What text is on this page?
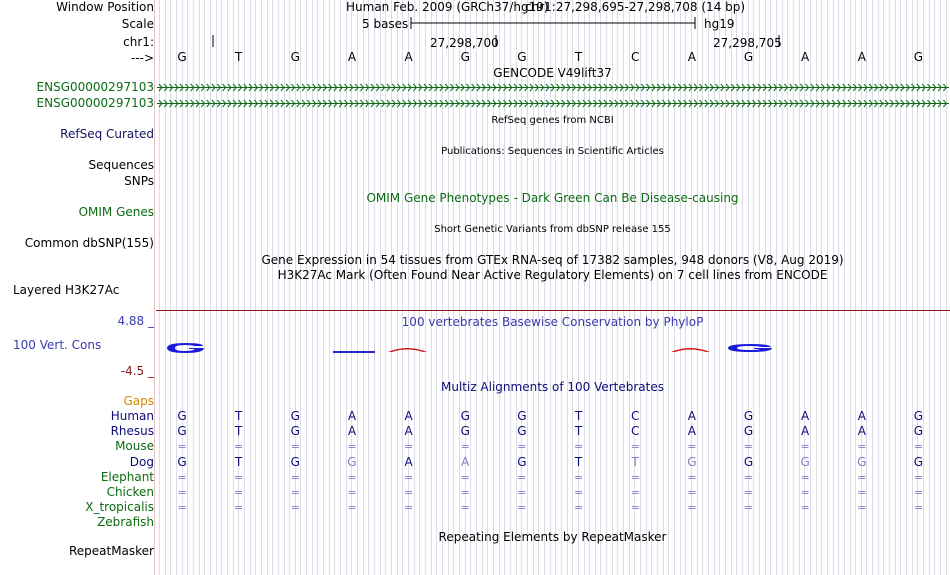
Window Position
Scale
chr1:
--->
Human Feb. 2009 (GRCh37/hg19)
chr1:27,298,695-27,298,708 (14 bp)
5 bases	hg19
27,298,700	27,298,705
G	T	G	A	A	G	G	T	C	A	G	A	A	G
GENCODE V49lift37
ENSG00000297103
ENSG00000297103
RefSeq genes from NCBI
RefSeq Curated
Publications: Sequences in Scientific Articles
Sequences
SNPs
OMIM Gene Phenotypes - Dark Green Can Be Disease-causing
OMIM Genes
Short Genetic Variants from dbSNP release 155
Common dbSNP(155)
Gene Expression in 54 tissues from GTEx RNA-seq of 17382 samples, 948 donors (V8, Aug 2019)
H3K27Ac Mark (Often Found Near Active Regulatory Elements) on 7 cell lines from ENCODE
Layered H3K27Ac
4.88 _	100 vertebrates Basewise Conservation by PhyloP
100 Vert. Cons
-4.5 _
Multiz Alignments of 100 Vertebrates
Gaps
Human	G	T	G	A	A	G	G	T	C	A	G	A	A	G
Rhesus	G	T	G	A	A	G	G	T	C	A	G	A	A	G
Mouse	=	=	=	=	=	=	=	=	=	=	=	=	=	=
Dog	G	T	G	G	A	A	G	T	T	G	G	G	G	G
Elephant	=	=	=	=	=	=	=	=	=	=	=	=	=	=
Chicken	=	=	=	=	=	=	=	=	=	=	=	=	=	=
X_tropicalis	=	=	=	=	=	=	=	=	=	=	=	=	=	=
Zebrafish
Repeating Elements by RepeatMasker
RepeatMasker
